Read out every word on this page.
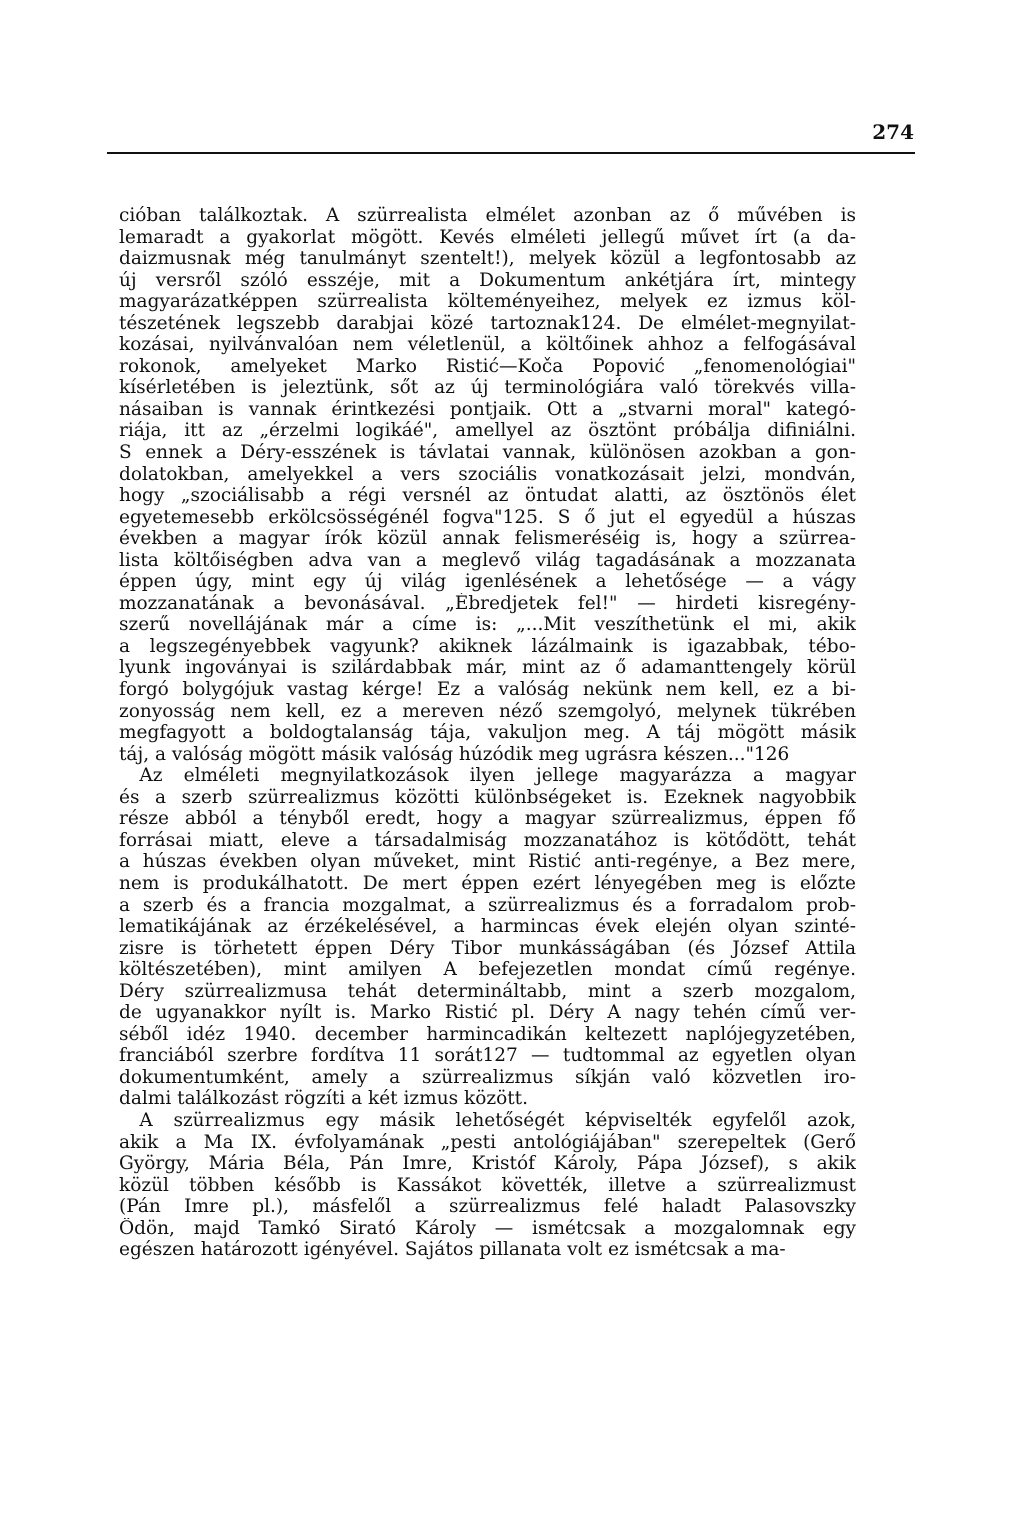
274
cióban találkoztak. A szürrealista elmélet azonban az ő művében is
lemaradt a gyakorlat mögött. Kevés elméleti jellegű művet írt (a da-
daizmusnak még tanulmányt szentelt!), melyek közül a legfontosabb az
új versről szóló esszéje, mit a Dokumentum ankétjára írt, mintegy
magyarázatképpen szürrealista költeményeihez, melyek ez izmus köl-
tészetének legszebb darabjai közé tartoznak124. De elmélet-megnyilat-
kozásai, nyilvánvalóan nem véletlenül, a költőinek ahhoz a felfogásával
rokonok, amelyeket Marko Ristić—Koča Popović „fenomenológiai"
kísérletében is jeleztünk, sőt az új terminológiára való törekvés villa-
násaiban is vannak érintkezési pontjaik. Ott a „stvarni moral" kategó-
riája, itt az „érzelmi logikáé", amellyel az ösztönt próbálja difiniálni.
S ennek a Déry-esszének is távlatai vannak, különösen azokban a gon-
dolatokban, amelyekkel a vers szociális vonatkozásait jelzi, mondván,
hogy „szociálisabb a régi versnél az öntudat alatti, az ösztönös élet
egyetemesebb erkölcsösségénél fogva"125. S ő jut el egyedül a húszas
években a magyar írók közül annak felismeréséig is, hogy a szürrea-
lista költőiségben adva van a meglevő világ tagadásának a mozzanata
éppen úgy, mint egy új világ igenlésének a lehetősége — a vágy
mozzanatának a bevonásával. „Ébredjetek fel!" — hirdeti kisregény-
szerű novellájának már a címe is: „...Mit veszíthetünk el mi, akik
a legszegényebbek vagyunk? akiknek lázálmaink is igazabbak, tébo-
lyunk ingoványai is szilárdabbak már, mint az ő adamanttengely körül
forgó bolygójuk vastag kérge! Ez a valóság nekünk nem kell, ez a bi-
zonyosság nem kell, ez a mereven néző szemgolyó, melynek tükrében
megfagyott a boldogtalanság tája, vakuljon meg. A táj mögött másik
táj, a valóság mögött másik valóság húzódik meg ugrásra készen..."126
Az elméleti megnyilatkozások ilyen jellege magyarázza a magyar
és a szerb szürrealizmus közötti különbségeket is. Ezeknek nagyobbik
része abból a tényből eredt, hogy a magyar szürrealizmus, éppen fő
forrásai miatt, eleve a társadalmiság mozzanatához is kötődött, tehát
a húszas években olyan műveket, mint Ristić anti-regénye, a Bez mere,
nem is produkálhatott. De mert éppen ezért lényegében meg is előzte
a szerb és a francia mozgalmat, a szürrealizmus és a forradalom prob-
lematikájának az érzékelésével, a harmincas évek elején olyan szinté-
zisre is törhetett éppen Déry Tibor munkásságában (és József Attila
költészetében), mint amilyen A befejezetlen mondat című regénye.
Déry szürrealizmusa tehát determináltabb, mint a szerb mozgalom,
de ugyanakkor nyílt is. Marko Ristić pl. Déry A nagy tehén című ver-
séből idéz 1940. december harmincadikán keltezett naplójegyzetében,
franciából szerbre fordítva 11 sorát127 — tudtommal az egyetlen olyan
dokumentumként, amely a szürrealizmus síkján való közvetlen iro-
dalmi találkozást rögzíti a két izmus között.
A szürrealizmus egy másik lehetőségét képviselték egyfelől azok,
akik a Ma IX. évfolyamának „pesti antológiájában" szerepeltek (Gerő
György, Mária Béla, Pán Imre, Kristóf Károly, Pápa József), s akik
közül többen később is Kassákot követték, illetve a szürrealizmust
(Pán Imre pl.), másfelől a szürrealizmus felé haladt Palasovszky
Ödön, majd Tamkó Sirató Károly — ismétcsak a mozgalomnak egy
egészen határozott igényével. Sajátos pillanata volt ez ismétcsak a ma-
